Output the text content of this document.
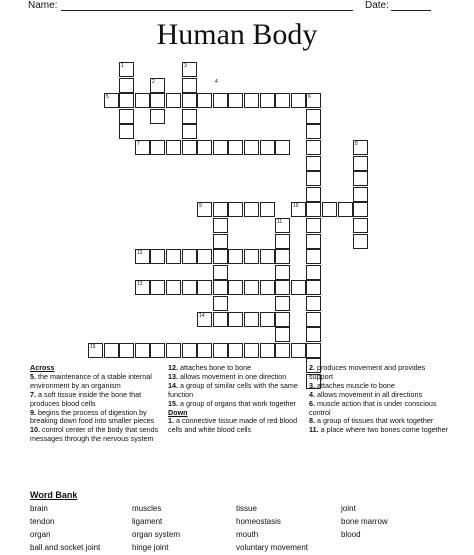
Name:	Date:
Human Body
1	3
2
5	6
7	8
9	10
11
12
13
14
15
4
Across
5. the maintenance of a stable internal environment by an organism
7. a soft tissue inside the bone that produces blood cells
9. begins the process of digestion by breaking down food into smaller pieces
10. control center of the body that sends messages through the nervous system
12. attaches bone to bone
13. allows movement in one direction
14. a group of similar cells with the same function
15. a group of organs that work together
Down
1. a connective tissue made of red blood cells and white blood cells
2. produces movement and provides support
3. attaches muscle to bone
4. allows movement in all directions
6. muscle action that is under conscious control
8. a group of tissues that work together
11. a place where two bones come together
Word Bank
brain	muscles	tissue	joint
tendon	ligament	homeostasis	bone marrow
organ	organ system	mouth	blood
ball and socket joint	hinge joint	voluntary movement
